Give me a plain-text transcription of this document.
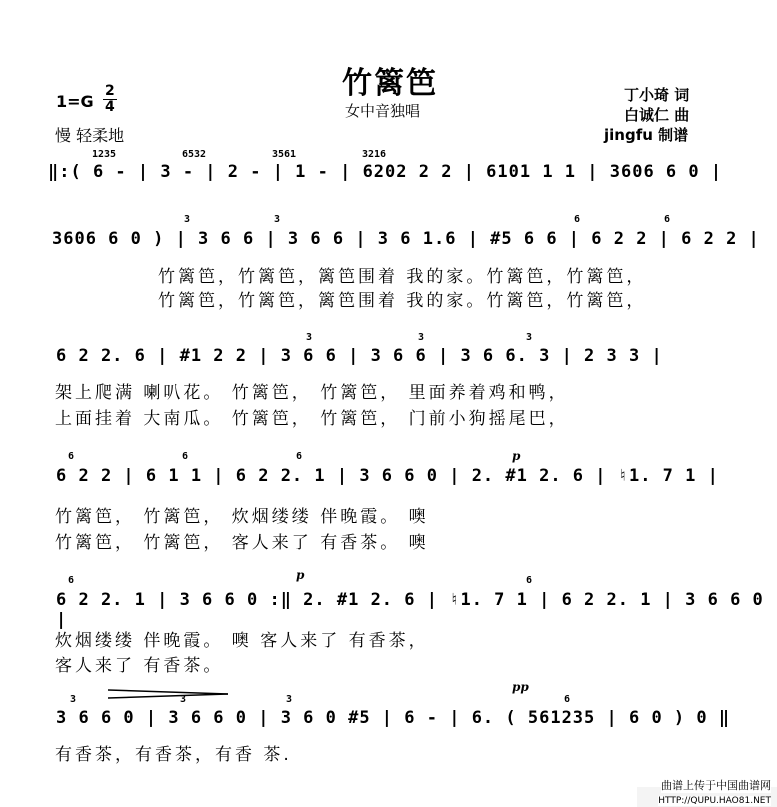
竹篱笆
女中音独唱
丁小琦 词
白诚仁 曲
jingfu 制谱
1=G
2
4
慢 轻柔地
1235	6532	3561	3216
‖:( 6 - | 3 - | 2 - | 1 - | 6202 2 2 | 6101 1 1 | 3606 6 0 |
3	3	6	6
3606 6 0 ) | 3 6 6 | 3 6 6 | 3 6 1.6 | #5 6 6 | 6 2 2 | 6 2 2 |
竹篱笆，竹篱笆，篱笆围着 我的家。竹篱笆，竹篱笆，
竹篱笆，竹篱笆，篱笆围着 我的家。竹篱笆，竹篱笆，
3	3	3
6 2 2. 6 | #1 2 2 | 3 6 6 | 3 6 6 | 3 6 6. 3 | 2 3 3 |
架上爬满 喇叭花。 竹篱笆， 竹篱笆， 里面养着鸡和鸭，
上面挂着 大南瓜。 竹篱笆， 竹篱笆， 门前小狗摇尾巴，
6	6	6	p
6 2 2 | 6 1 1 | 6 2 2. 1 | 3 6 6 0 | 2. #1 2. 6 | ♮1. 7 1 |
竹篱笆， 竹篱笆， 炊烟缕缕 伴晚霞。 噢
竹篱笆， 竹篱笆， 客人来了 有香茶。 噢
6	6
p
6 2 2. 1 | 3 6 6 0 :‖ 2. #1 2. 6 | ♮1. 7 1 | 6 2 2. 1 | 3 6 6 0 |
炊烟缕缕 伴晚霞。 噢 客人来了 有香茶，
客人来了 有香茶。
3	3	3	6
pp
3 6 6 0 | 3 6 6 0 | 3 6 0 #5 | 6 - | 6. ( 561235 | 6 0 ) 0 ‖
有香茶，有香茶，有香 茶.
曲谱上传于中国曲谱网
HTTP://QUPU.HAO81.NET
